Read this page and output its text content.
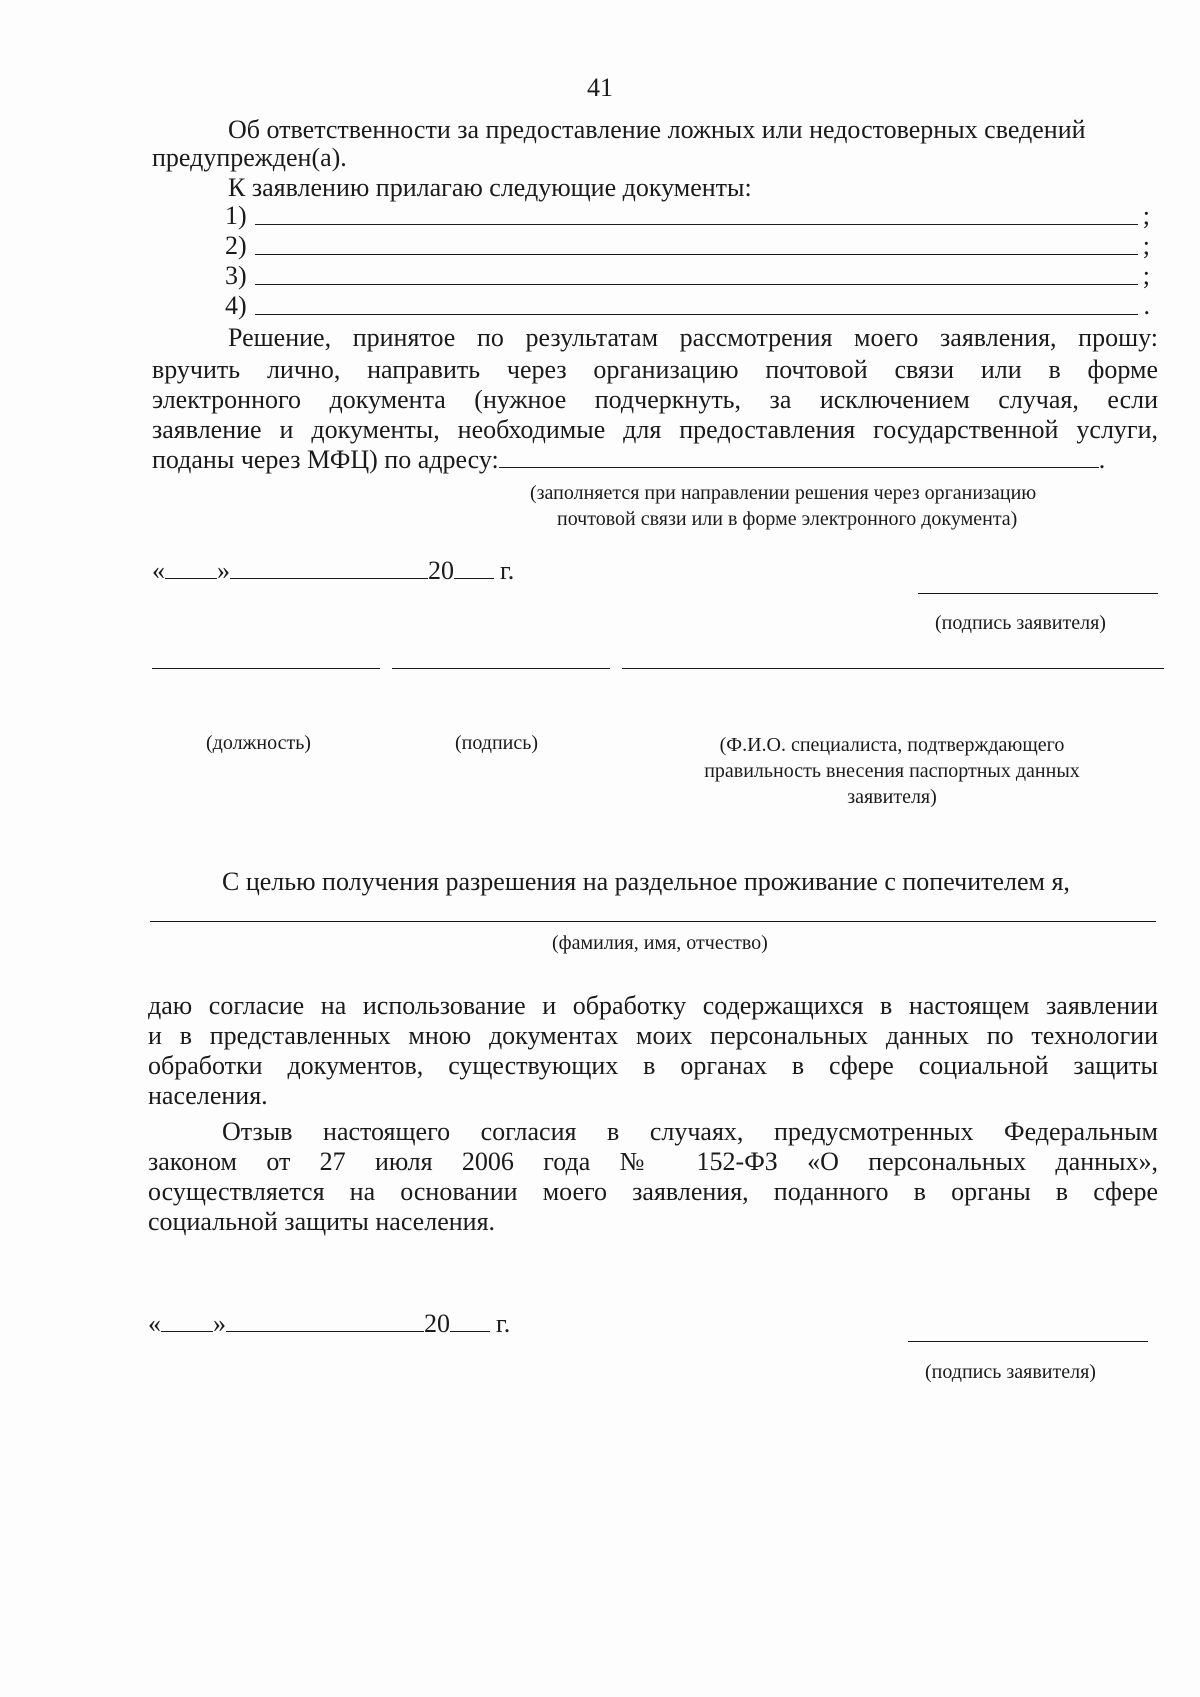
41
Об ответственности за предоставление ложных или недостоверных сведений
предупрежден(а).
К заявлению прилагаю следующие документы:
1)	;
2)	;
3)	;
4)	.
Решение, принятое по результатам рассмотрения моего заявления, прошу:
вручить лично, направить через организацию почтовой связи или в форме
электронного документа (нужное подчеркнуть, за исключением случая, если
заявление и документы, необходимые для предоставления государственной услуги,
поданы через МФЦ) по адресу:	.
(заполняется при направлении решения через организацию
почтовой связи или в форме электронного документа)
« »	20 г.
(подпись заявителя)
(должность)	(подпись)	(Ф.И.О. специалиста, подтверждающего
правильность внесения паспортных данных
заявителя)
С целью получения разрешения на раздельное проживание с попечителем я,
(фамилия, имя, отчество)
даю согласие на использование и обработку содержащихся в настоящем заявлении
и в представленных мною документах моих персональных данных по технологии
обработки документов, существующих в органах в сфере социальной защиты
населения.
Отзыв настоящего согласия в случаях, предусмотренных Федеральным
законом от 27 июля 2006 года № 152-ФЗ «О персональных данных»,
осуществляется на основании моего заявления, поданного в органы в сфере
социальной защиты населения.
« »	20 г.
(подпись заявителя)
